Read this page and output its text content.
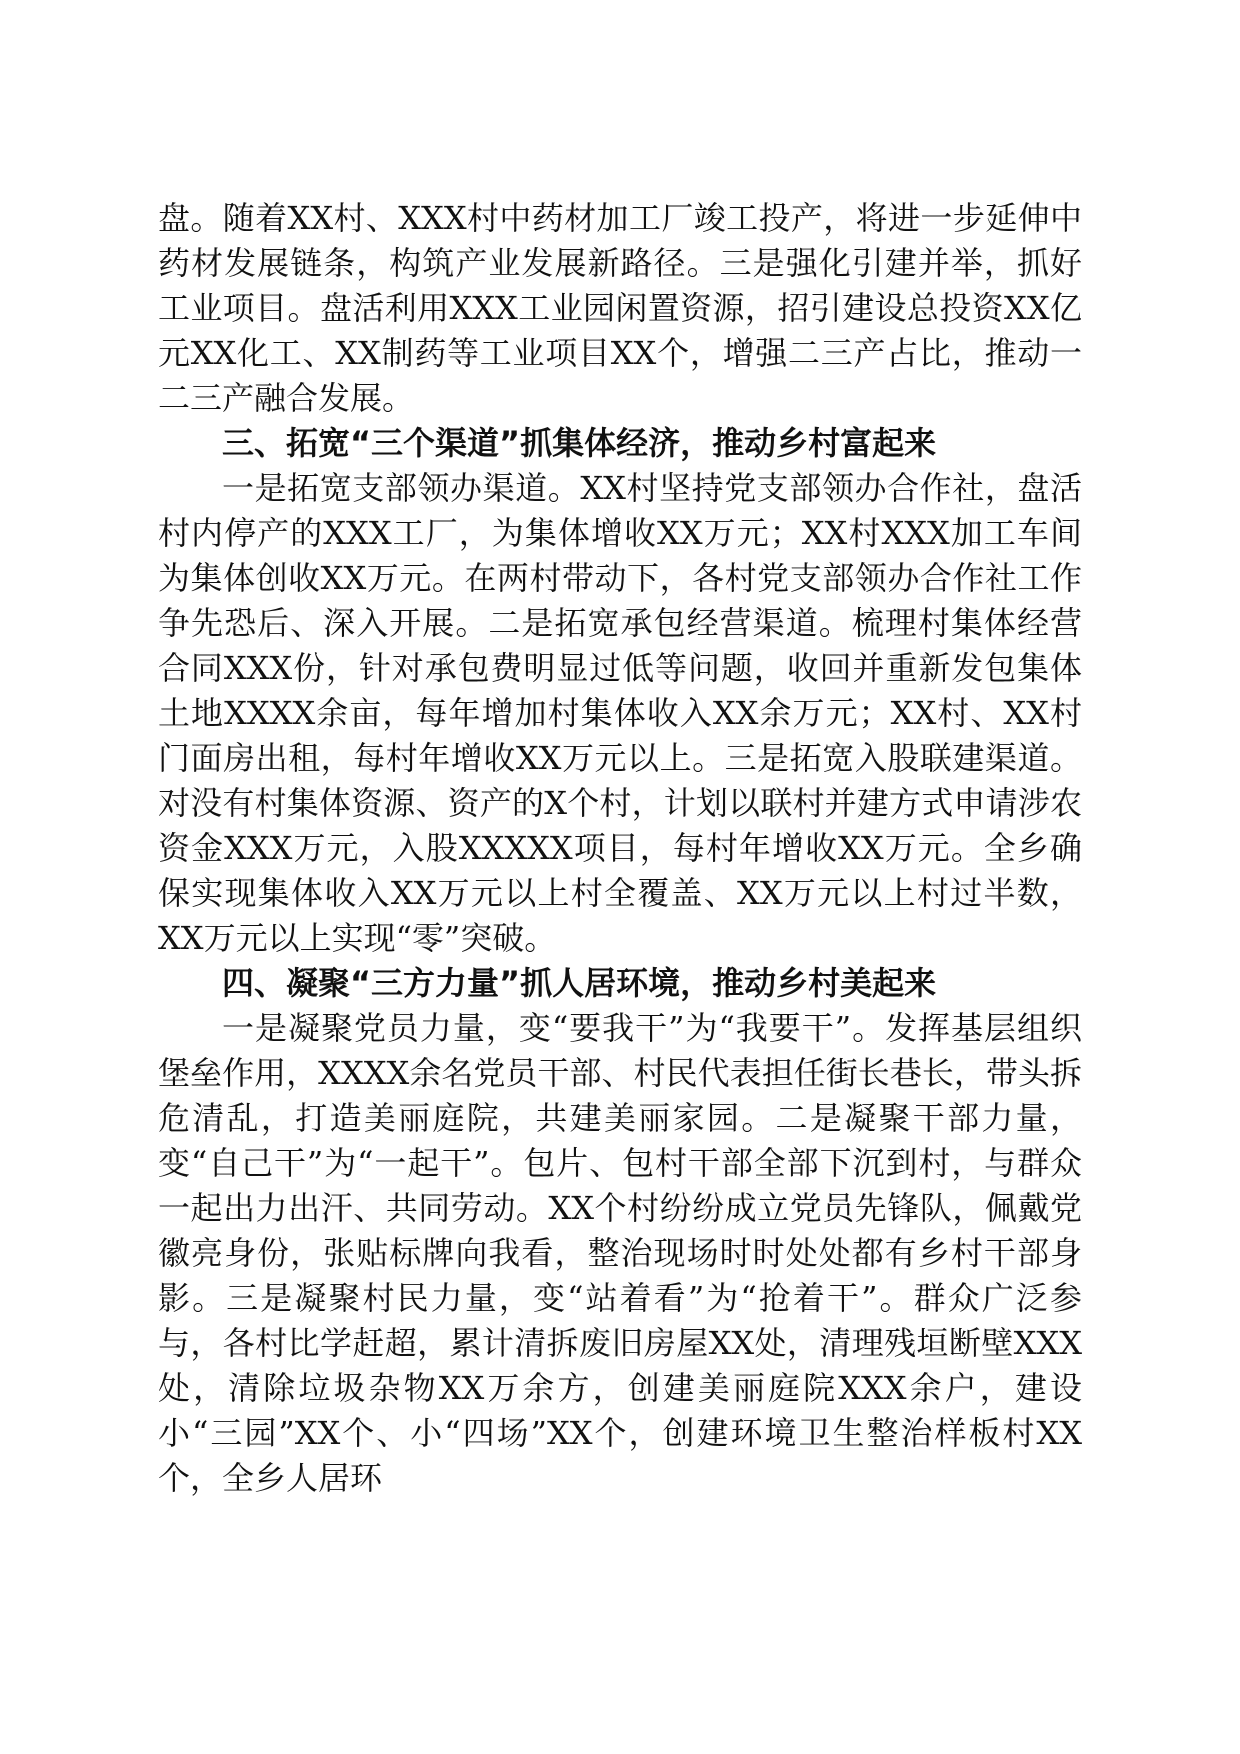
盘。随着XX村、XXX村中药材加工厂竣工投产，将进一步延伸中药材发展链条，构筑产业发展新路径。三是强化引建并举，抓好工业项目。盘活利用XXX工业园闲置资源，招引建设总投资XX亿元XX化工、XX制药等工业项目XX个，增强二三产占比，推动一二三产融合发展。

三、拓宽“三个渠道”抓集体经济，推动乡村富起来

一是拓宽支部领办渠道。XX村坚持党支部领办合作社，盘活村内停产的XXX工厂，为集体增收XX万元；XX村XXX加工车间为集体创收XX万元。在两村带动下，各村党支部领办合作社工作争先恐后、深入开展。二是拓宽承包经营渠道。梳理村集体经营合同XXX份，针对承包费明显过低等问题，收回并重新发包集体土地XXXX余亩，每年增加村集体收入XX余万元；XX村、XX村门面房出租，每村年增收XX万元以上。三是拓宽入股联建渠道。对没有村集体资源、资产的X个村，计划以联村并建方式申请涉农资金XXX万元，入股XXXXX项目，每村年增收XX万元。全乡确保实现集体收入XX万元以上村全覆盖、XX万元以上村过半数，XX万元以上实现“零”突破。

四、凝聚“三方力量”抓人居环境，推动乡村美起来

一是凝聚党员力量，变“要我干”为“我要干”。发挥基层组织堡垒作用，XXXX余名党员干部、村民代表担任街长巷长，带头拆危清乱，打造美丽庭院，共建美丽家园。二是凝聚干部力量，变“自己干”为“一起干”。包片、包村干部全部下沉到村，与群众一起出力出汗、共同劳动。XX个村纷纷成立党员先锋队，佩戴党徽亮身份，张贴标牌向我看，整治现场时时处处都有乡村干部身影。三是凝聚村民力量，变“站着看”为“抢着干”。群众广泛参与，各村比学赶超，累计清拆废旧房屋XX处，清理残垣断壁XXX处，清除垃圾杂物XX万余方，创建美丽庭院XXX余户，建设小“三园”XX个、小“四场”XX个，创建环境卫生整治样板村XX个，全乡人居环
